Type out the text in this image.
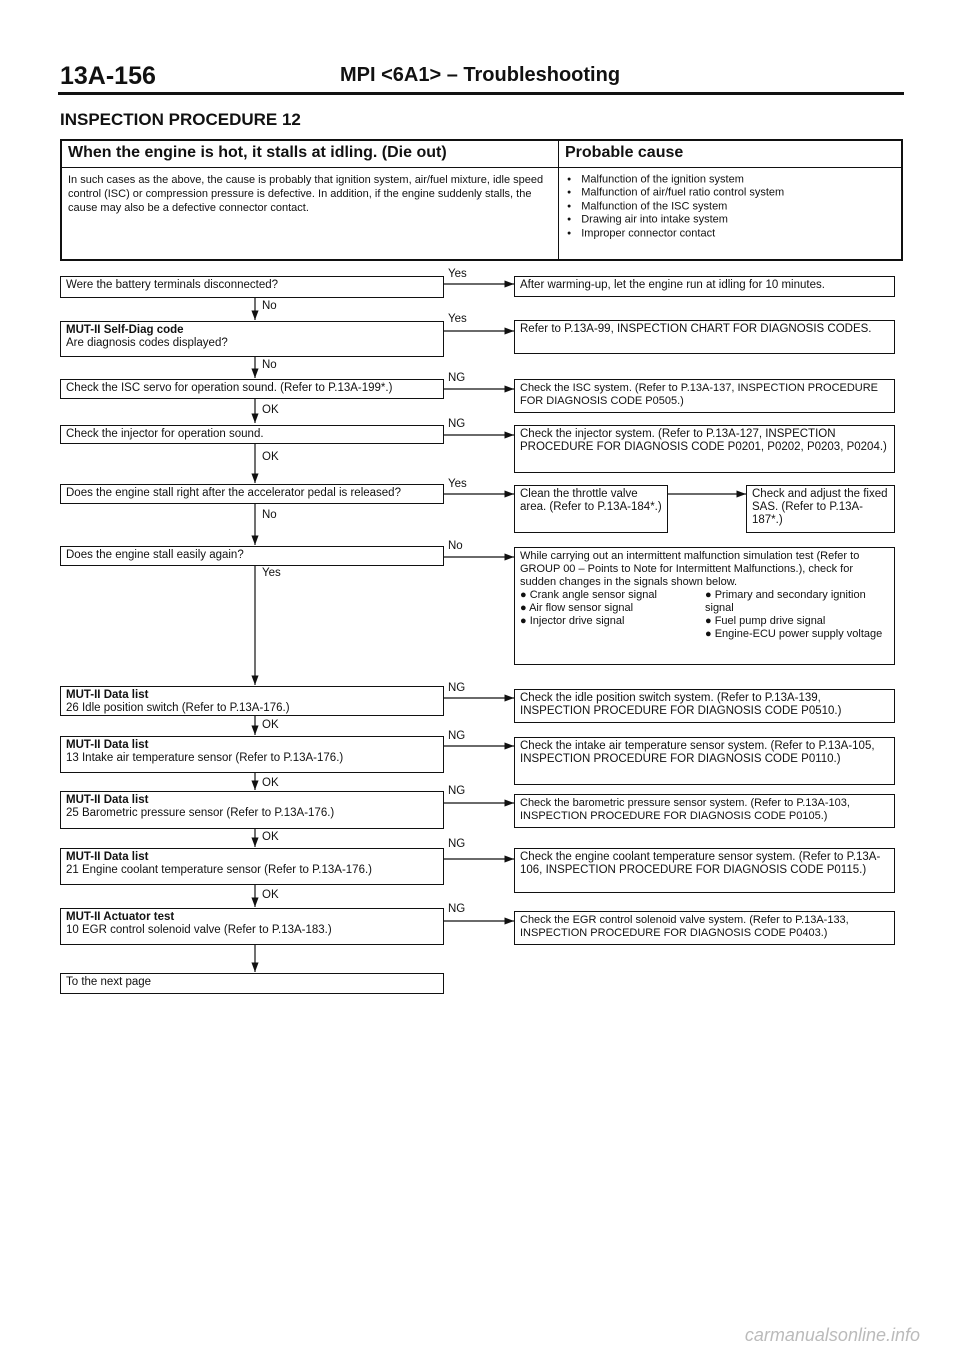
13A-156	MPI <6A1> – Troubleshooting
INSPECTION PROCEDURE 12
When the engine is hot, it stalls at idling. (Die out)
In such cases as the above, the cause is probably that ignition system, air/fuel mixture, idle speed control (ISC) or compression pressure is defective. In addition, if the engine suddenly stalls, the cause may also be a defective connector contact.
Probable cause
● Malfunction of the ignition system
● Malfunction of air/fuel ratio control system
● Malfunction of the ISC system
● Drawing air into intake system
● Improper connector contact
Were the battery terminals disconnected?
MUT-II Self-Diag code
Are diagnosis codes displayed?
Check the ISC servo for operation sound. (Refer to P.13A-199*.)
Check the injector for operation sound.
Does the engine stall right after the accelerator pedal is released?
Does the engine stall easily again?
MUT-II Data list
26 Idle position switch (Refer to P.13A-176.)
MUT-II Data list
13 Intake air temperature sensor (Refer to P.13A-176.)
MUT-II Data list
25 Barometric pressure sensor (Refer to P.13A-176.)
MUT-II Data list
21 Engine coolant temperature sensor (Refer to P.13A-176.)
MUT-II Actuator test
10 EGR control solenoid valve (Refer to P.13A-183.)
To the next page
After warming-up, let the engine run at idling for 10 minutes.
Refer to P.13A-99, INSPECTION CHART FOR DIAGNOSIS CODES.
Check the ISC system. (Refer to P.13A-137, INSPECTION PROCEDURE FOR DIAGNOSIS CODE P0505.)
Check the injector system. (Refer to P.13A-127, INSPECTION PROCEDURE FOR DIAGNOSIS CODE P0201, P0202, P0203, P0204.)
Clean the throttle valve area. (Refer to P.13A-184*.)
Check and adjust the fixed SAS. (Refer to P.13A-187*.)
While carrying out an intermittent malfunction simulation test (Refer to GROUP 00 – Points to Note for Intermittent Malfunctions.), check for sudden changes in the signals shown below.
● Crank angle sensor signal
● Air flow sensor signal
● Injector drive signal
● Primary and secondary ignition signal
● Fuel pump drive signal
● Engine-ECU power supply voltage
Check the idle position switch system. (Refer to P.13A-139, INSPECTION PROCEDURE FOR DIAGNOSIS CODE P0510.)
Check the intake air temperature sensor system. (Refer to P.13A-105, INSPECTION PROCEDURE FOR DIAGNOSIS CODE P0110.)
Check the barometric pressure sensor system. (Refer to P.13A-103, INSPECTION PROCEDURE FOR DIAGNOSIS CODE P0105.)
Check the engine coolant temperature sensor system. (Refer to P.13A-106, INSPECTION PROCEDURE FOR DIAGNOSIS CODE P0115.)
Check the EGR control solenoid valve system. (Refer to P.13A-133, INSPECTION PROCEDURE FOR DIAGNOSIS CODE P0403.)
Yes
No
Yes
No
NG
OK
NG
OK
Yes
No
No
Yes
NG
OK
NG
OK
NG
OK
NG
OK
NG
carmanualsonline.info
